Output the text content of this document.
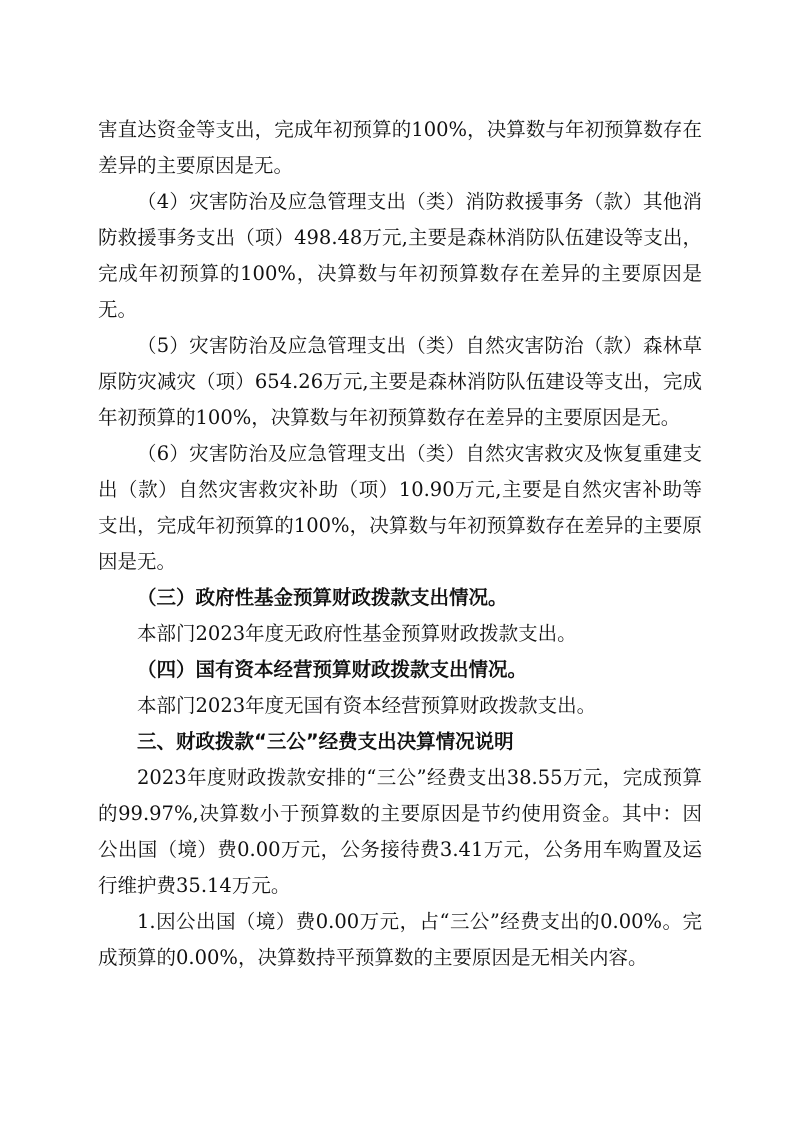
害直达资金等支出，完成年初预算的100%，决算数与年初预算数存在差异的主要原因是无。

（4）灾害防治及应急管理支出（类）消防救援事务（款）其他消防救援事务支出（项）498.48万元,主要是森林消防队伍建设等支出，完成年初预算的100%，决算数与年初预算数存在差异的主要原因是无。

（5）灾害防治及应急管理支出（类）自然灾害防治（款）森林草原防灾减灾（项）654.26万元,主要是森林消防队伍建设等支出，完成年初预算的100%，决算数与年初预算数存在差异的主要原因是无。

（6）灾害防治及应急管理支出（类）自然灾害救灾及恢复重建支出（款）自然灾害救灾补助（项）10.90万元,主要是自然灾害补助等支出，完成年初预算的100%，决算数与年初预算数存在差异的主要原因是无。

（三）政府性基金预算财政拨款支出情况。

本部门2023年度无政府性基金预算财政拨款支出。

（四）国有资本经营预算财政拨款支出情况。

本部门2023年度无国有资本经营预算财政拨款支出。

三、财政拨款“三公”经费支出决算情况说明

2023年度财政拨款安排的“三公”经费支出38.55万元，完成预算的99.97%,决算数小于预算数的主要原因是节约使用资金。其中：因公出国（境）费0.00万元，公务接待费3.41万元，公务用车购置及运行维护费35.14万元。

1.因公出国（境）费0.00万元，占“三公”经费支出的0.00%。完成预算的0.00%，决算数持平预算数的主要原因是无相关内容。
